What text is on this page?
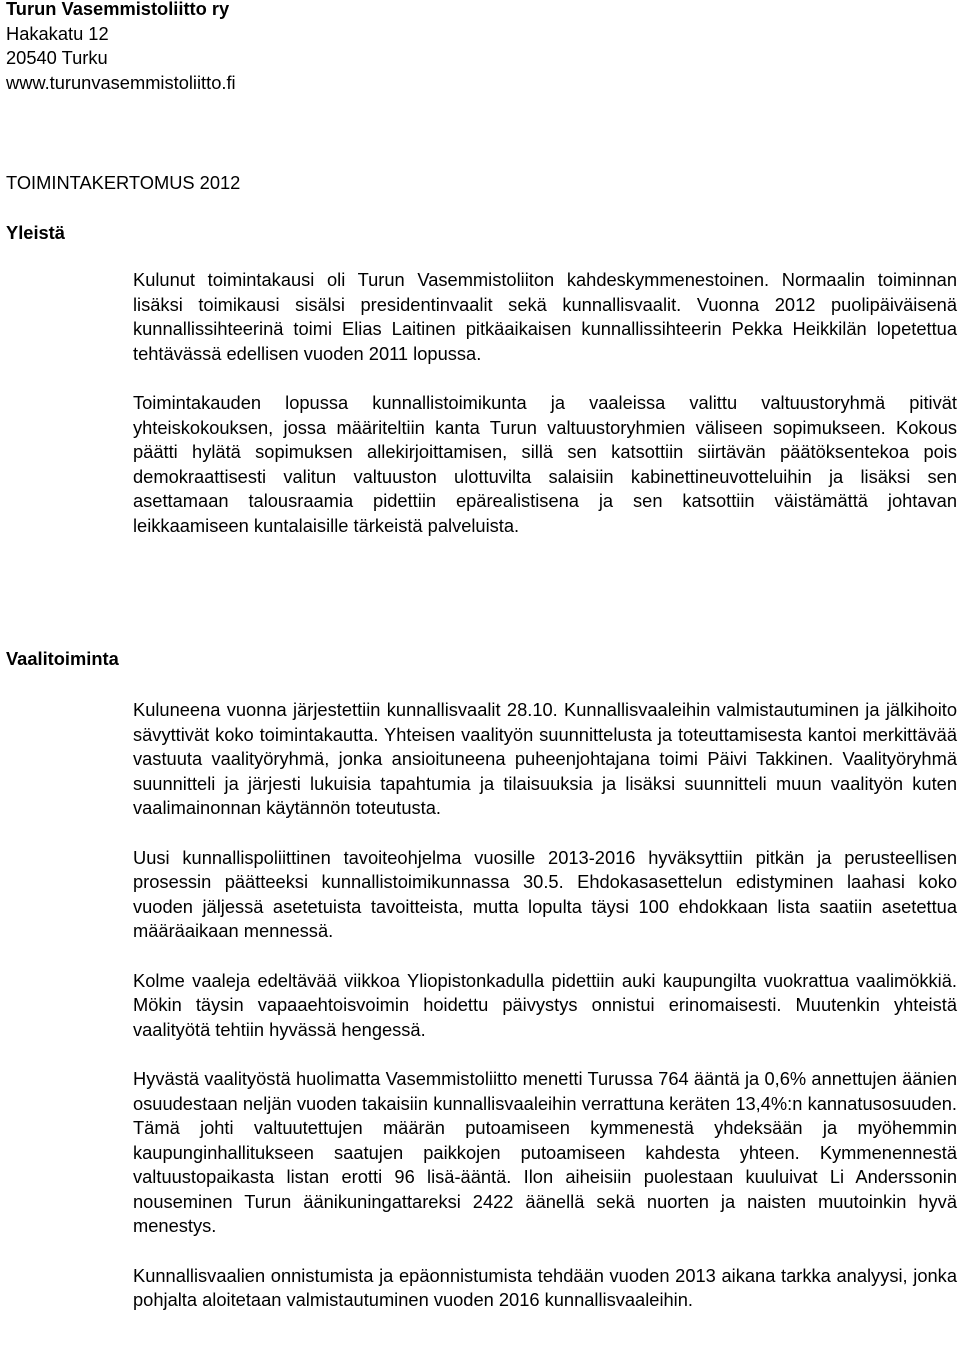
Turun Vasemmistoliitto ry
Hakakatu 12
20540 Turku
www.turunvasemmistoliitto.fi
TOIMINTAKERTOMUS 2012
Yleistä

Kulunut toimintakausi oli Turun Vasemmistoliiton kahdeskymmenestoinen. Normaalin toiminnan lisäksi toimikausi sisälsi presidentinvaalit sekä kunnallisvaalit. Vuonna 2012 puolipäiväisenä kunnallissihteerinä toimi Elias Laitinen pitkäaikaisen kunnallissihteerin Pekka Heikkilän lopetettua tehtävässä edellisen vuoden 2011 lopussa.

Toimintakauden lopussa kunnallistoimikunta ja vaaleissa valittu valtuustoryhmä pitivät yhteiskokouksen, jossa määriteltiin kanta Turun valtuustoryhmien väliseen sopimukseen. Kokous päätti hylätä sopimuksen allekirjoittamisen, sillä sen katsottiin siirtävän päätöksentekoa pois demokraattisesti valitun valtuuston ulottuvilta salaisiin kabinettineuvotteluihin ja lisäksi sen asettamaan talousraamia pidettiin epärealistisena ja sen katsottiin väistämättä johtavan leikkaamiseen kuntalaisille tärkeistä palveluista.

Vaalitoiminta

Kuluneena vuonna järjestettiin kunnallisvaalit 28.10. Kunnallisvaaleihin valmistautuminen ja jälkihoito sävyttivät koko toimintakautta. Yhteisen vaalityön suunnittelusta ja toteuttamisesta kantoi merkittävää vastuuta vaalityöryhmä, jonka ansioituneena puheenjohtajana toimi Päivi Takkinen. Vaalityöryhmä suunnitteli ja järjesti lukuisia tapahtumia ja tilaisuuksia ja lisäksi suunnitteli muun vaalityön kuten vaalimainonnan käytännön toteutusta.

Uusi kunnallispoliittinen tavoiteohjelma vuosille 2013-2016 hyväksyttiin pitkän ja perusteellisen prosessin päätteeksi kunnallistoimikunnassa 30.5. Ehdokasasettelun edistyminen laahasi koko vuoden jäljessä asetetuista tavoitteista, mutta lopulta täysi 100 ehdokkaan lista saatiin asetettua määräaikaan mennessä.

Kolme vaaleja edeltävää viikkoa Yliopistonkadulla pidettiin auki kaupungilta vuokrattua vaalimökkiä. Mökin täysin vapaaehtoisvoimin hoidettu päivystys onnistui erinomaisesti. Muutenkin yhteistä vaalityötä tehtiin hyvässä hengessä.

Hyvästä vaalityöstä huolimatta Vasemmistoliitto menetti Turussa 764 ääntä ja 0,6% annettujen äänien osuudestaan neljän vuoden takaisiin kunnallisvaaleihin verrattuna keräten 13,4%:n kannatusosuuden. Tämä johti valtuutettujen määrän putoamiseen kymmenestä yhdeksään ja myöhemmin kaupunginhallitukseen saatujen paikkojen putoamiseen kahdesta yhteen. Kymmenennestä valtuustopaikasta listan erotti 96 lisä-ääntä. Ilon aiheisiin puolestaan kuuluivat Li Anderssonin nouseminen Turun äänikuningattareksi 2422 äänellä sekä nuorten ja naisten muutoinkin hyvä menestys.

Kunnallisvaalien onnistumista ja epäonnistumista tehdään vuoden 2013 aikana tarkka analyysi, jonka pohjalta aloitetaan valmistautuminen vuoden 2016 kunnallisvaaleihin.
